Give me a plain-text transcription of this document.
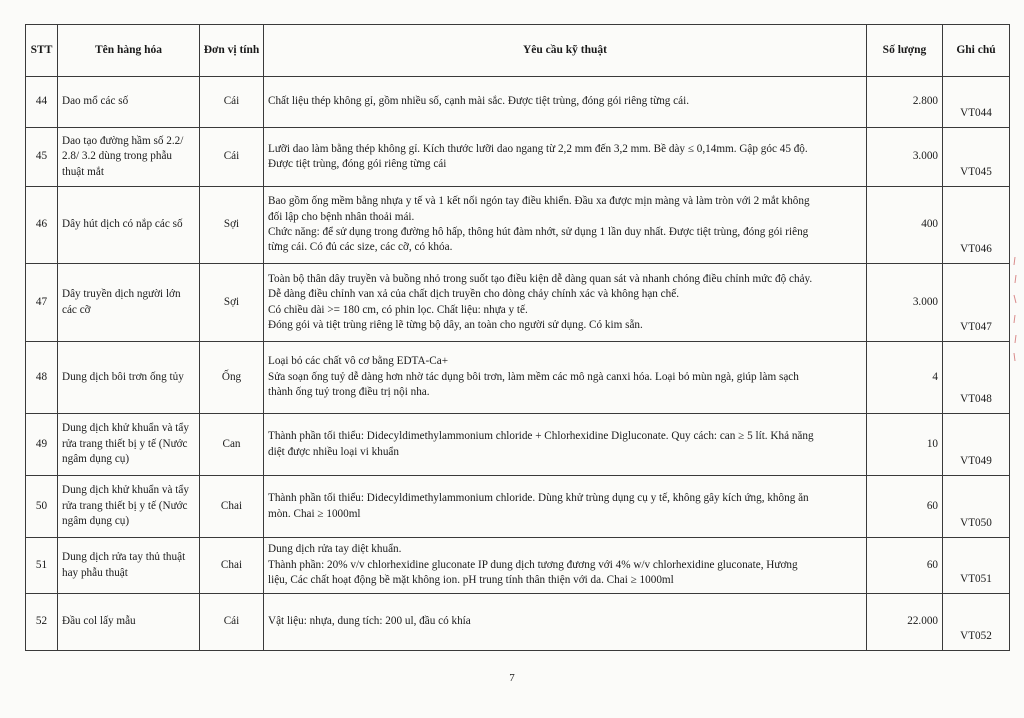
STT	Tên hàng hóa	Đơn vị tính	Yêu cầu kỹ thuật	Số lượng	Ghi chú
44	Dao mổ các số	Cái	Chất liệu thép không gỉ, gồm nhiều số, cạnh mài sắc. Được tiệt trùng, đóng gói riêng từng cái.	2.800	VT044
45	Dao tạo đường hầm số 2.2/
2.8/ 3.2 dùng trong phẫu
thuật mắt	Cái	Lưỡi dao làm bằng thép không gỉ. Kích thước lưỡi dao ngang từ 2,2 mm đến 3,2 mm. Bề dày ≤ 0,14mm. Gập góc 45 độ.
Được tiệt trùng, đóng gói riêng từng cái	3.000	VT045
46	Dây hút dịch có nắp các số	Sợi	Bao gồm ống mềm bằng nhựa y tế và 1 kết nối ngón tay điều khiển. Đầu xa được mịn màng và làm tròn với 2 mắt không
đối lập cho bệnh nhân thoải mái.
Chức năng: để sử dụng trong đường hô hấp, thông hút đàm nhớt, sử dụng 1 lần duy nhất. Được tiệt trùng, đóng gói riêng
từng cái. Có đủ các size, các cỡ, có khóa.	400	VT046
47	Dây truyền dịch người lớn
các cỡ	Sợi	Toàn bộ thân dây truyền và buồng nhỏ trong suốt tạo điều kiện dễ dàng quan sát và nhanh chóng điều chỉnh mức độ chảy.
Dễ dàng điều chỉnh van xả của chất dịch truyền cho dòng chảy chính xác và không hạn chế.
Có chiều dài >= 180 cm, có phin lọc. Chất liệu: nhựa y tế.
Đóng gói và tiệt trùng riêng lẽ từng bộ dây, an toàn cho người sử dụng. Có kim sẵn.	3.000	VT047
48	Dung dịch bôi trơn ống tủy	Ống	Loại bỏ các chất vô cơ bằng EDTA-Ca+
Sửa soạn ống tuỷ dễ dàng hơn nhờ tác dụng bôi trơn, làm mềm các mô ngà canxi hóa. Loại bỏ mùn ngà, giúp làm sạch
thành ống tuỷ trong điều trị nội nha.	4	VT048
49	Dung dịch khử khuẩn và tẩy
rửa trang thiết bị y tế (Nước
ngâm dụng cụ)	Can	Thành phần tối thiểu: Didecyldimethylammonium chloride + Chlorhexidine Digluconate. Quy cách: can ≥ 5 lít. Khả năng
diệt được nhiều loại vi khuẩn	10	VT049
50	Dung dịch khử khuẩn và tẩy
rửa trang thiết bị y tế (Nước
ngâm dụng cụ)	Chai	Thành phần tối thiểu: Didecyldimethylammonium chloride. Dùng khử trùng dụng cụ y tế, không gây kích ứng, không ăn
mòn. Chai ≥ 1000ml	60	VT050
51	Dung dịch rửa tay thủ thuật
hay phẫu thuật	Chai	Dung dịch rửa tay diệt khuẩn.
Thành phần: 20% v/v chlorhexidine gluconate IP dung dịch tương đương với 4% w/v chlorhexidine gluconate, Hương
liệu, Các chất hoạt động bề mặt không ion. pH trung tính thân thiện với da. Chai ≥ 1000ml	60	VT051
52	Đầu col lấy mẫu	Cái	Vật liệu: nhựa, dung tích: 200 ul, đầu có khía	22.000	VT052
7
